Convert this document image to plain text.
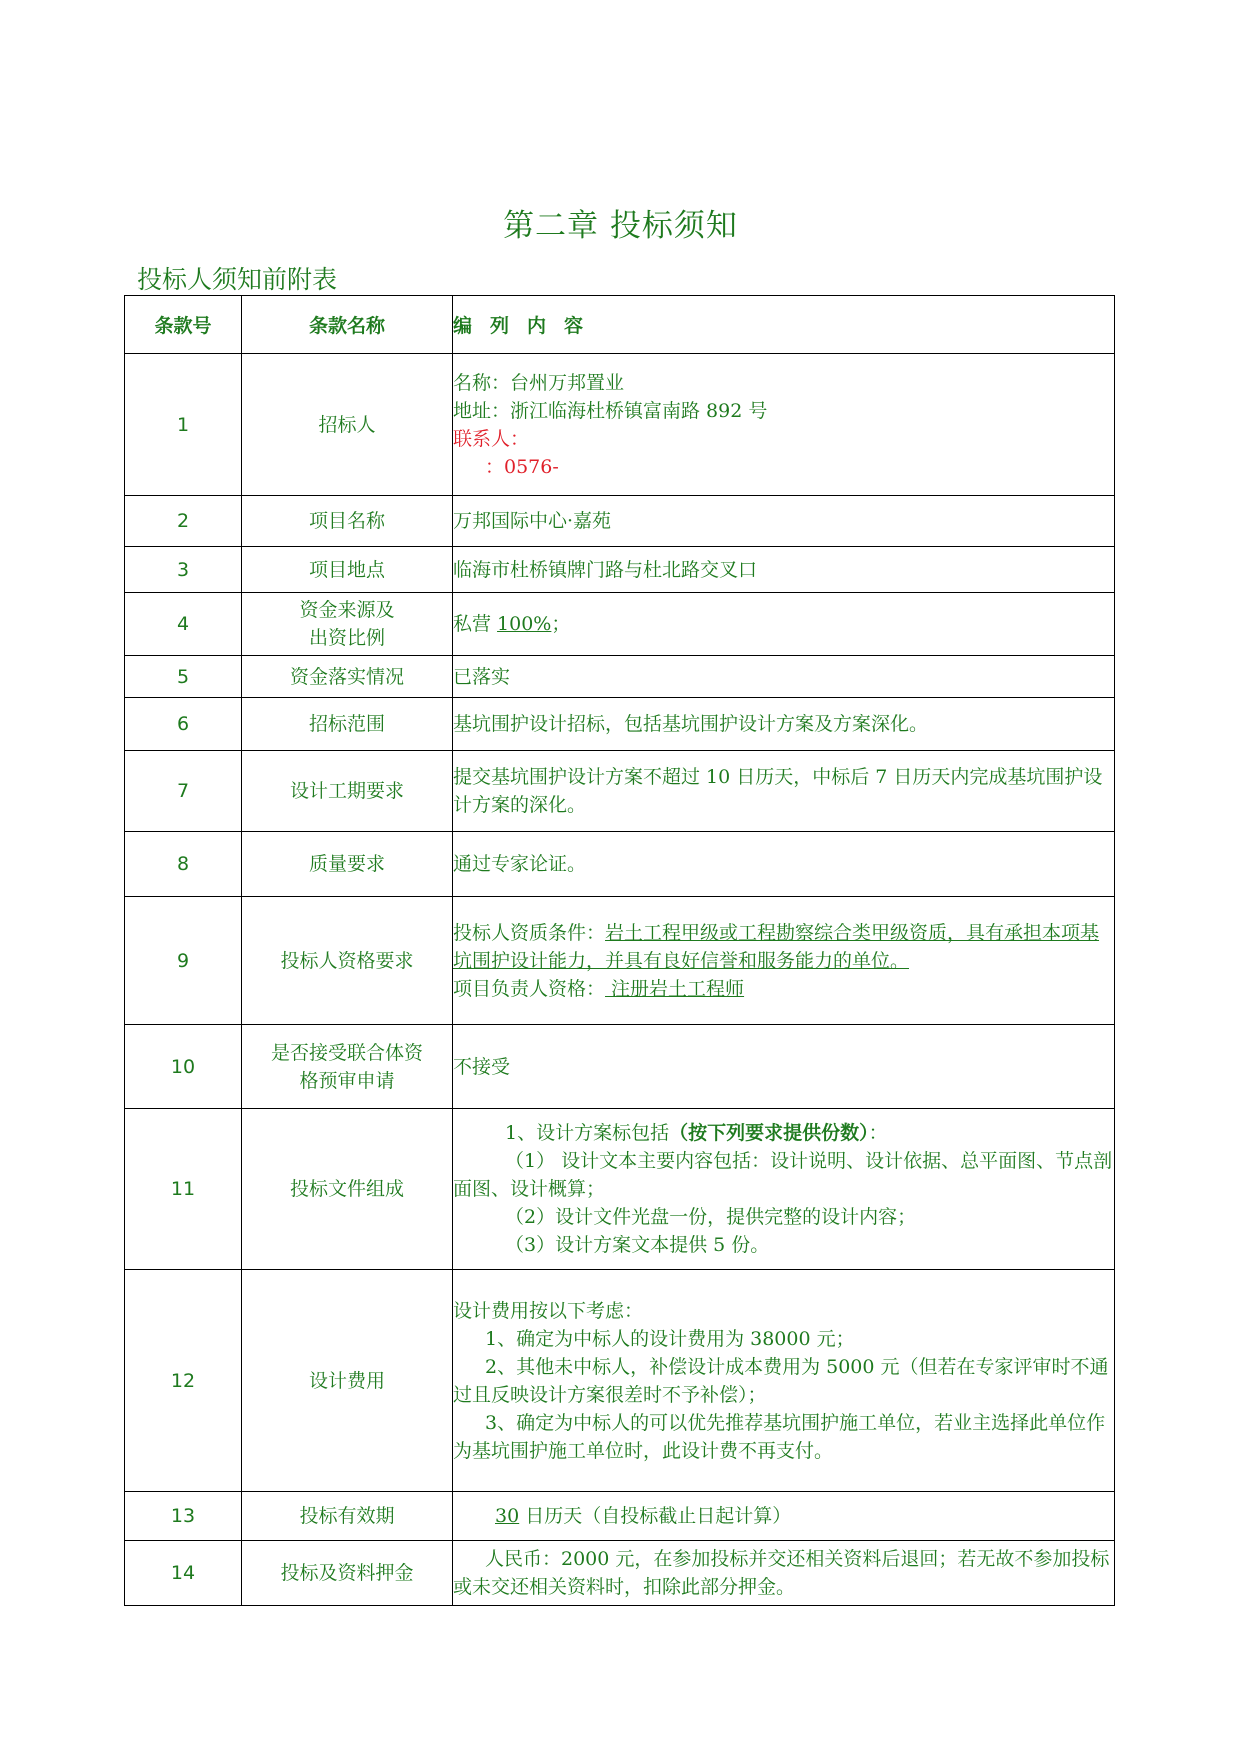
第二章 投标须知
投标人须知前附表
条款号	条款名称	编列内容
1	招标人	名称：台州万邦置业
地址：浙江临海杜桥镇富南路 892 号
联系人：
：0576-

2	项目名称	万邦国际中心·嘉苑
3	项目地点	临海市杜桥镇牌门路与杜北路交叉口
4	资金来源及
出资比例	私营 100%；
5	资金落实情况	已落实
6	招标范围	基坑围护设计招标，包括基坑围护设计方案及方案深化。
7	设计工期要求	提交基坑围护设计方案不超过 10 日历天，中标后 7 日历天内完成基坑围护设计方案的深化。
8	质量要求	通过专家论证。
9	投标人资格要求	投标人资质条件：岩土工程甲级或工程勘察综合类甲级资质，具有承担本项基坑围护设计能力，并具有良好信誉和服务能力的单位。
项目负责人资格： 注册岩土工程师

10	是否接受联合体资
格预审申请	不接受
11	投标文件组成	1、设计方案标包括（按下列要求提供份数）：
（1） 设计文本主要内容包括：设计说明、设计依据、总平面图、节点剖面图、设计概算；
（2）设计文件光盘一份，提供完整的设计内容；
（3）设计方案文本提供 5 份。

12	设计费用	设计费用按以下考虑：
1、确定为中标人的设计费用为 38000 元；
2、其他未中标人，补偿设计成本费用为 5000 元（但若在专家评审时不通过且反映设计方案很差时不予补偿）；
3、确定为中标人的可以优先推荐基坑围护施工单位，若业主选择此单位作为基坑围护施工单位时，此设计费不再支付。

13	投标有效期	30 日历天（自投标截止日起计算）
14	投标及资料押金	人民币：2000 元，在参加投标并交还相关资料后退回；若无故不参加投标或未交还相关资料时，扣除此部分押金。
